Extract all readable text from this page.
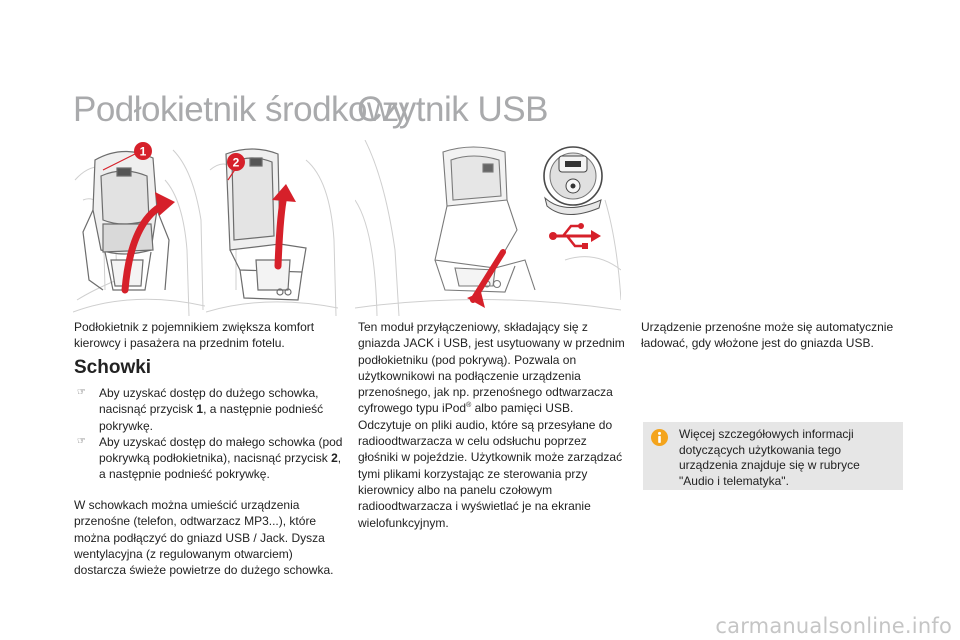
Podłokietnik środkowy
Czytnik USB
1
2

Podłokietnik z pojemnikiem zwiększa komfort kierowcy i pasażera na przednim fotelu.

Schowki
☞ Aby uzyskać dostęp do dużego schowka, nacisnąć przycisk 1, a następnie podnieść pokrywkę.
☞ Aby uzyskać dostęp do małego schowka (pod pokrywką podłokietnika), nacisnąć przycisk 2, a następnie podnieść pokrywkę.

W schowkach można umieścić urządzenia przenośne (telefon, odtwarzacz MP3...), które można podłączyć do gniazd USB / Jack. Dysza wentylacyjna (z regulowanym otwarciem) dostarcza świeże powietrze do dużego schowka.

Ten moduł przyłączeniowy, składający się z gniazda JACK i USB, jest usytuowany w przednim podłokietniku (pod pokrywą). Pozwala on użytkownikowi na podłączenie urządzenia przenośnego, jak np. przenośnego odtwarzacza cyfrowego typu iPod® albo pamięci USB. Odczytuje on pliki audio, które są przesyłane do radioodtwarzacza w celu odsłuchu poprzez głośniki w pojeździe. Użytkownik może zarządzać tymi plikami korzystając ze sterowania przy kierownicy albo na panelu czołowym radioodtwarzacza i wyświetlać je na ekranie wielofunkcyjnym.

Urządzenie przenośne może się automatycznie ładować, gdy włożone jest do gniazda USB.

Więcej szczegółowych informacji dotyczących użytkowania tego urządzenia znajduje się w rubryce "Audio i telematyka".
carmanualsonline.info
